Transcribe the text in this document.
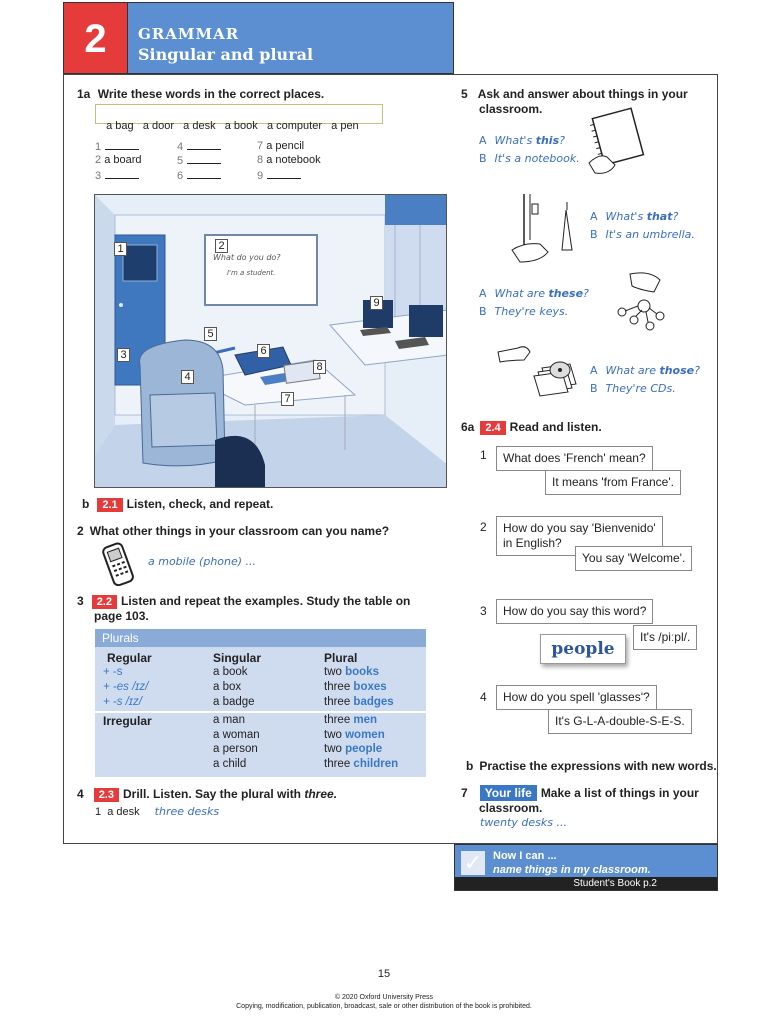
2	GRAMMAR
Singular and plural
1a Write these words in the correct places.

a bag   a door   a desk   a book   a computer   a pen

1
2 a board
3
4
5
6
7 a pencil
8 a notebook
9
What do you do?
I'm a student.
1	2
3
4
5
6
7
8
9
b 2.1 Listen, check, and repeat.
2 What other things in your classroom can you name?
a mobile (phone) ...
3 2.2 Listen and repeat the examples. Study the table on
page 103.
Plurals
Regular	Singular	Plural
+ -s	a book	two books
+ -es /ɪz/	a box	three boxes
+ -s /ɪz/	a badge	three badges
Irregular	a man	three men
a woman	two women
a person	two people
a child	three children
4 2.3 Drill. Listen. Say the plural with three.
1 a desk three desks
5 Ask and answer about things in your
classroom.
A What's this?
B It's a notebook.
A What's that?
B It's an umbrella.
A What are these?
B They're keys.
A What are those?
B They're CDs.
6a 2.4 Read and listen.
1	What does 'French' mean?
It means 'from France'.
2	How do you say 'Bienvenido'
in English?
You say 'Welcome'.
3	How do you say this word?
It's /piːpl/.
people
4	How do you spell 'glasses'?
It's G-L-A-double-S-E-S.
b Practise the expressions with new words.
7 Your life Make a list of things in your
classroom.
twenty desks ...
✓ Now I can ...
name things in my classroom.
Student's Book p.2
15
© 2020 Oxford University Press
Copying, modification, publication, broadcast, sale or other distribution of the book is prohibited.
